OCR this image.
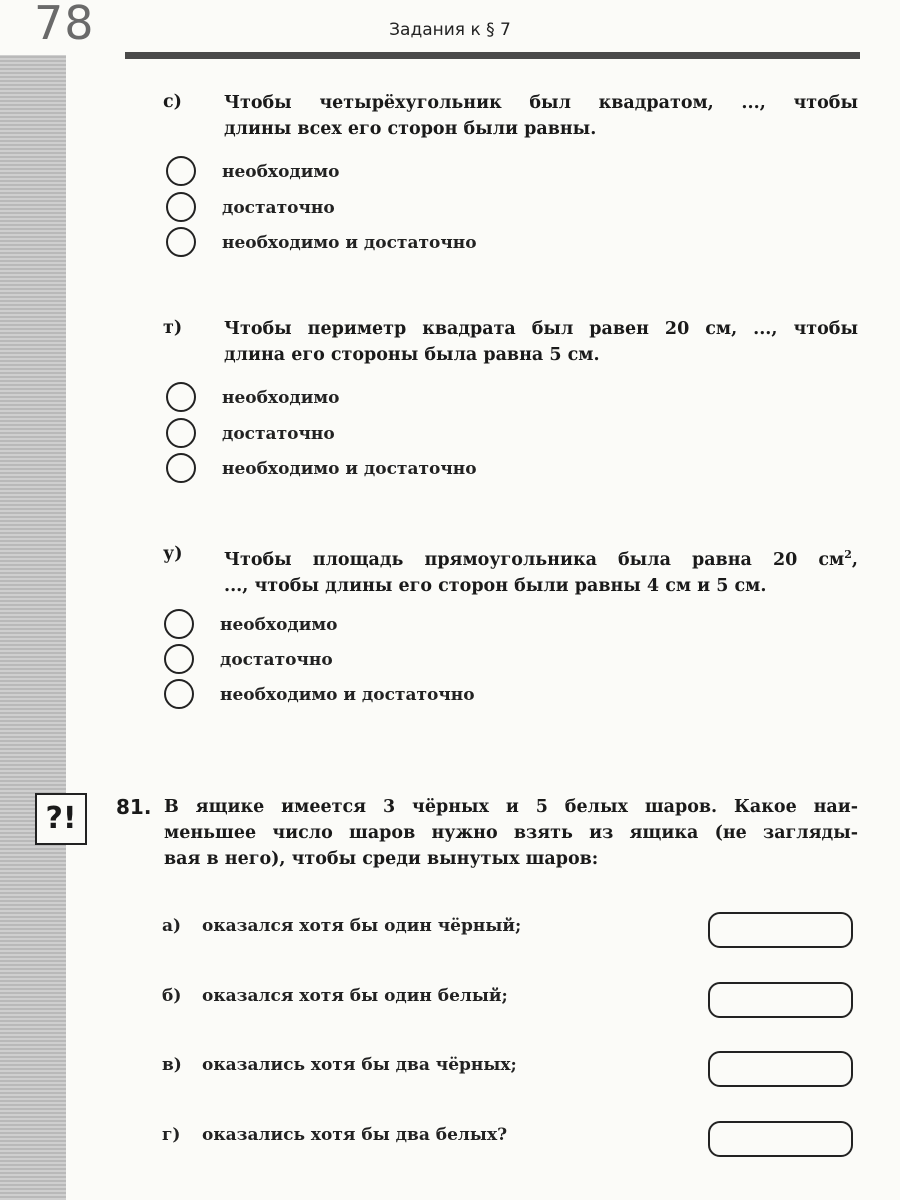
78	Задания к § 7
с) Чтобы четырёхугольник был квадратом, ..., чтобы
длины всех его сторон были равны.
необходимо
достаточно
необходимо и достаточно
т) Чтобы периметр квадрата был равен 20 см, ..., чтобы
длина его стороны была равна 5 см.
необходимо
достаточно
необходимо и достаточно
у) Чтобы площадь прямоугольника была равна 20 $см^2$,
..., чтобы длины его сторон были равны 4 см и 5 см.
необходимо
достаточно
необходимо и достаточно
?!	81. В ящике имеется 3 чёрных и 5 белых шаров. Какое наи-
меньшее число шаров нужно взять из ящика (не загляды-
вая в него), чтобы среди вынутых шаров:
а) оказался хотя бы один чёрный;
б) оказался хотя бы один белый;
в) оказались хотя бы два чёрных;
г) оказались хотя бы два белых?
